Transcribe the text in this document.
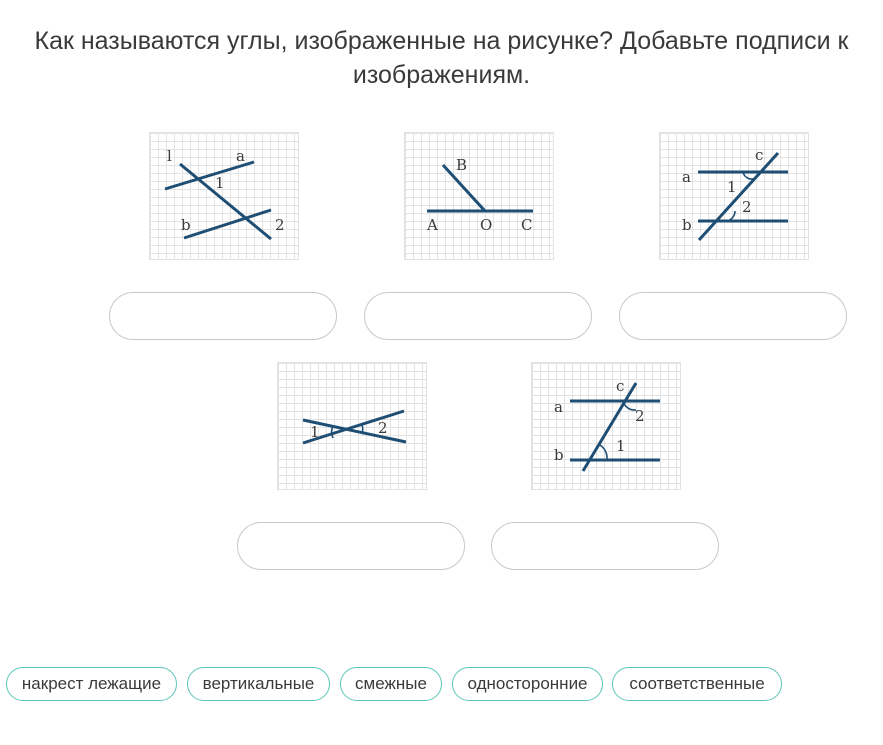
Как называются углы, изображенные на рисунке? Добавьте подписи к
изображениям.
l	a
1
b	2
B
A	O C
c
a
1
2
b
1	2
c
a	2
1
b
накрест лежащие	вертикальные	смежные	односторонние	соответственные
